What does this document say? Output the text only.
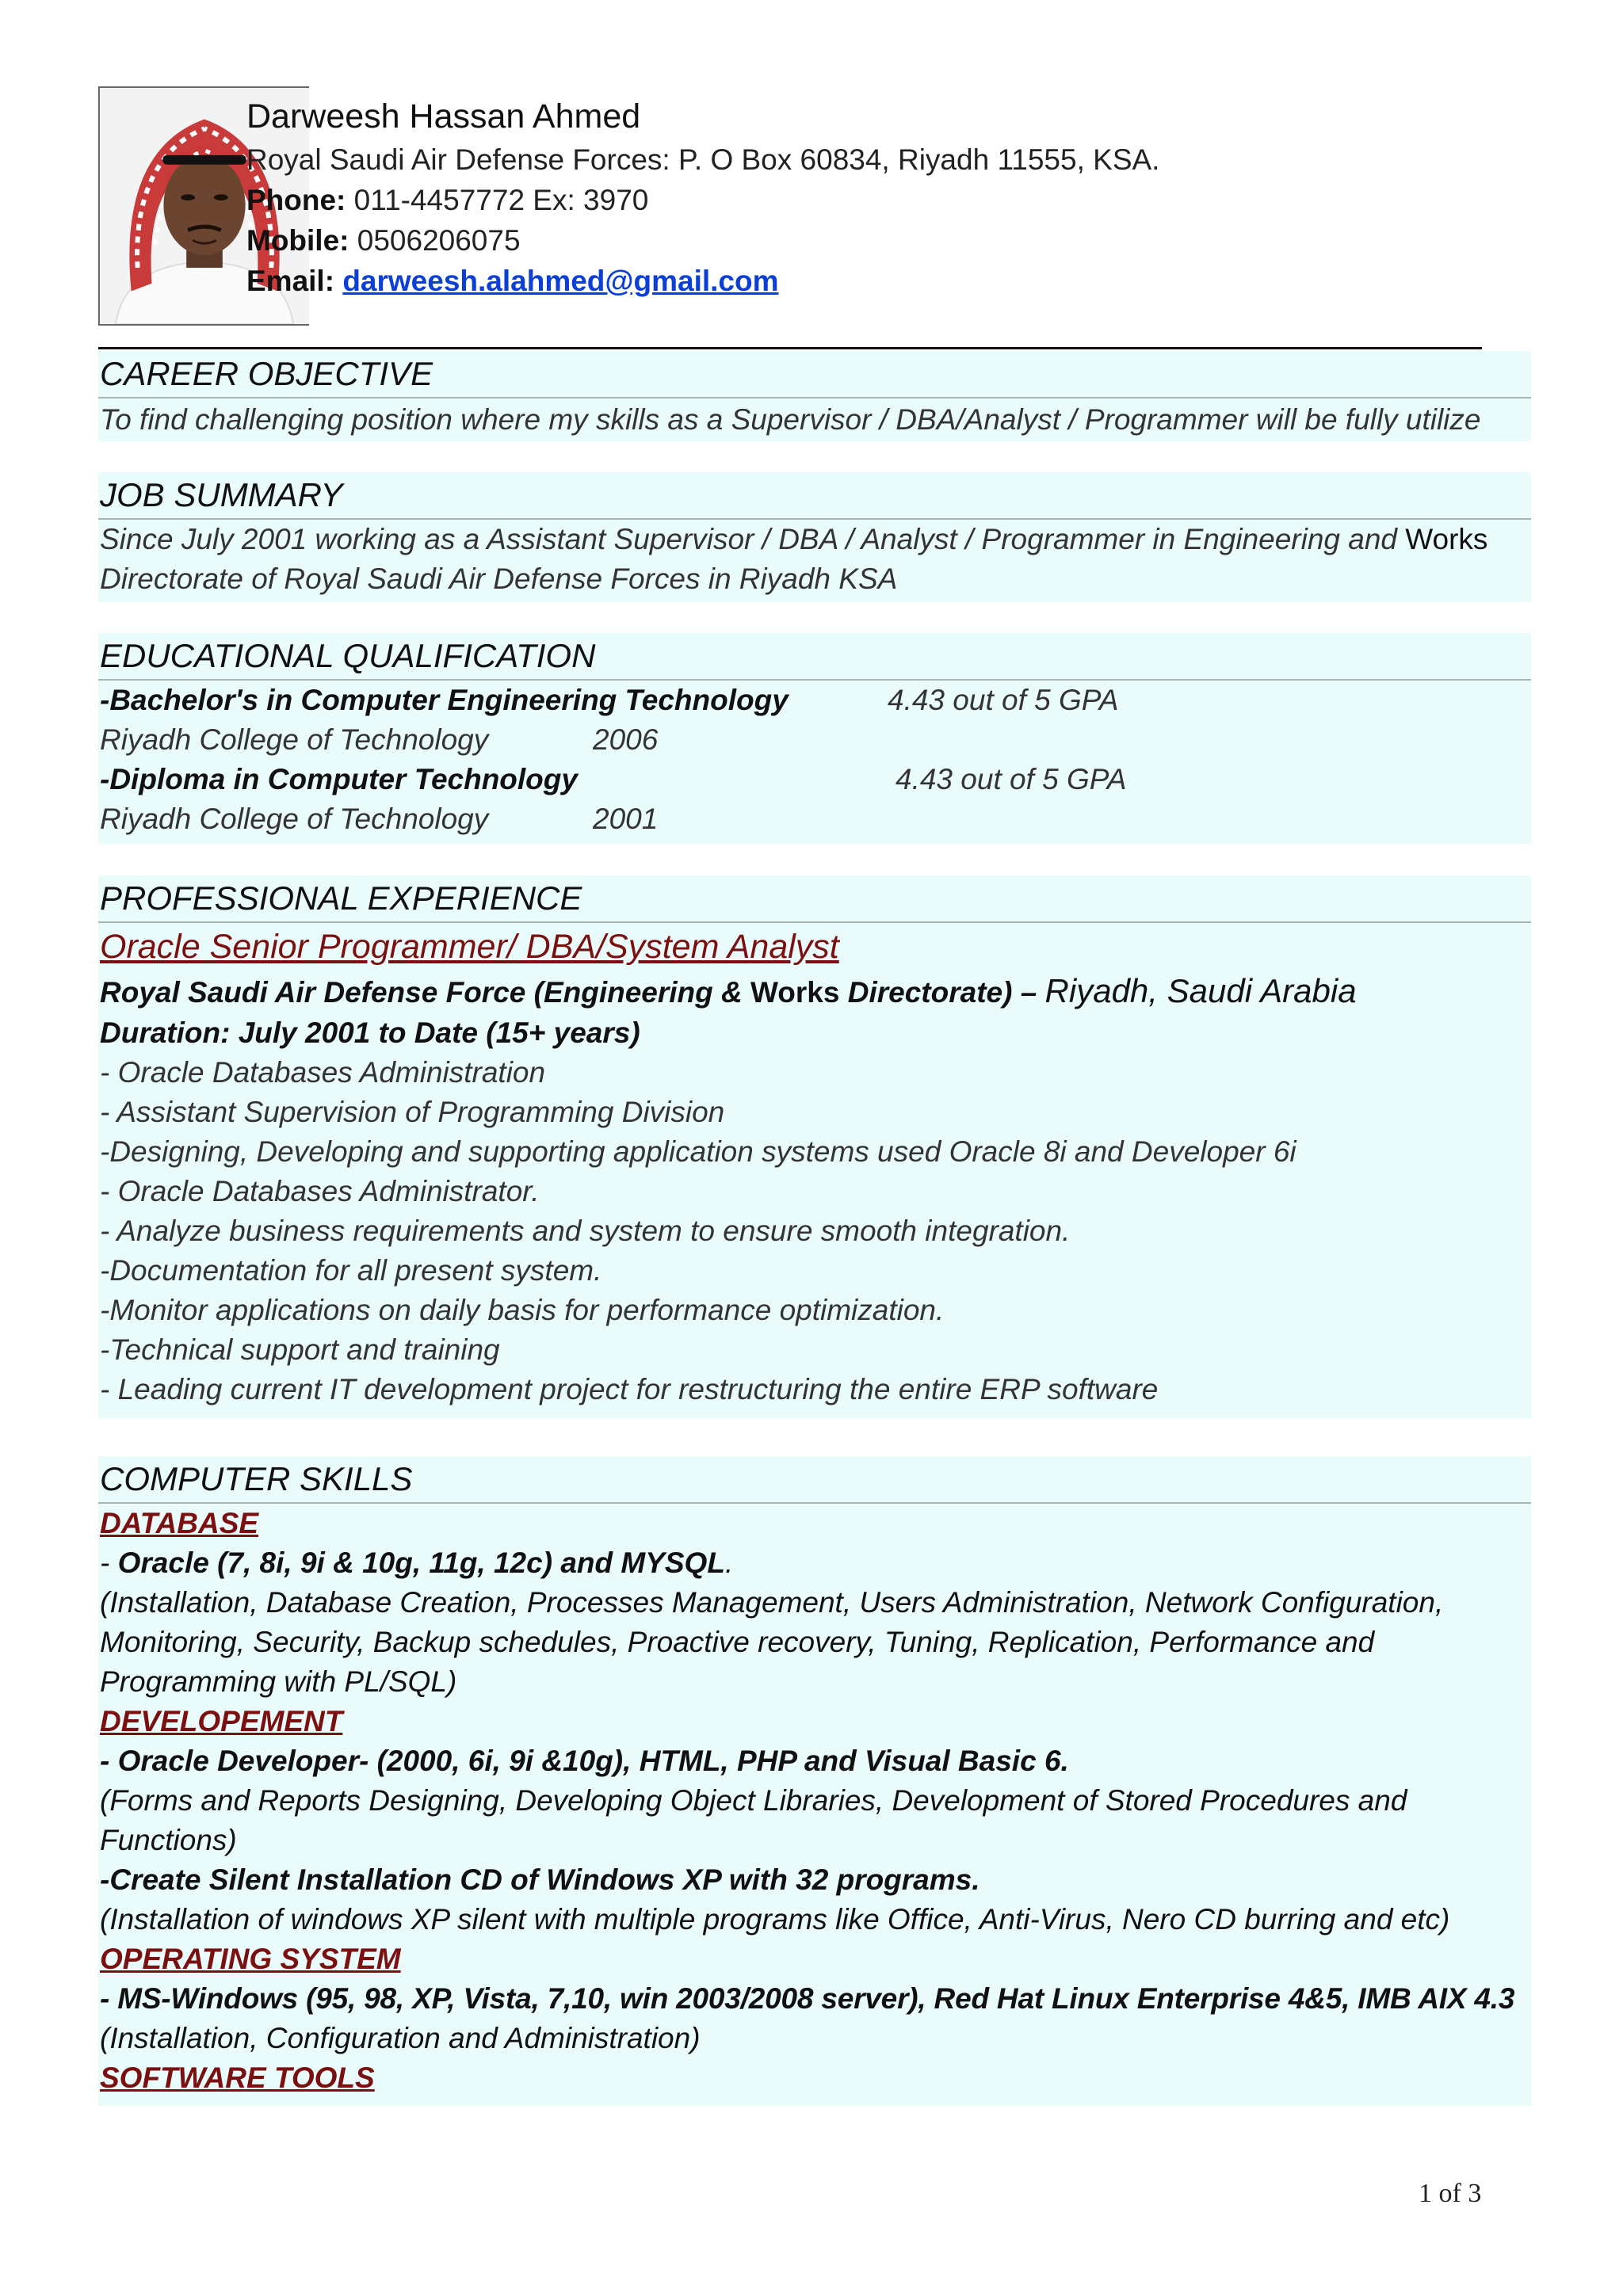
Darweesh Hassan Ahmed
Royal Saudi Air Defense Forces: P. O Box 60834, Riyadh 11555, KSA.
Phone: 011-4457772 Ex: 3970
Mobile: 0506206075
Email: darweesh.alahmed@gmail.com
CAREER OBJECTIVE
To find challenging position where my skills as a Supervisor / DBA/Analyst / Programmer will be fully utilize
JOB SUMMARY
Since July 2001 working as a Assistant Supervisor / DBA / Analyst / Programmer in Engineering and Works
Directorate of Royal Saudi Air Defense Forces in Riyadh KSA
EDUCATIONAL QUALIFICATION
-Bachelor's in Computer Engineering Technology	4.43 out of 5 GPA
Riyadh College of Technology	2006
-Diploma in Computer Technology	4.43 out of 5 GPA
Riyadh College of Technology	2001
PROFESSIONAL EXPERIENCE
Oracle Senior Programmer/ DBA/System Analyst
Royal Saudi Air Defense Force (Engineering & Works Directorate) – Riyadh, Saudi Arabia
Duration: July 2001 to Date (15+ years)
- Oracle Databases Administration
- Assistant Supervision of Programming Division
-Designing, Developing and supporting application systems used Oracle 8i and Developer 6i
- Oracle Databases Administrator.
- Analyze business requirements and system to ensure smooth integration.
-Documentation for all present system.
-Monitor applications on daily basis for performance optimization.
-Technical support and training
- Leading current IT development project for restructuring the entire ERP software
COMPUTER SKILLS
DATABASE
- Oracle (7, 8i, 9i & 10g, 11g, 12c) and MYSQL.
(Installation, Database Creation, Processes Management, Users Administration, Network Configuration,
Monitoring, Security, Backup schedules, Proactive recovery, Tuning, Replication, Performance and
Programming with PL/SQL)
DEVELOPEMENT
- Oracle Developer- (2000, 6i, 9i &10g), HTML, PHP and Visual Basic 6.
(Forms and Reports Designing, Developing Object Libraries, Development of Stored Procedures and
Functions)
-Create Silent Installation CD of Windows XP with 32 programs.
(Installation of windows XP silent with multiple programs like Office, Anti-Virus, Nero CD burring and etc)
OPERATING SYSTEM
- MS-Windows (95, 98, XP, Vista, 7,10, win 2003/2008 server), Red Hat Linux Enterprise 4&5, IMB AIX 4.3
(Installation, Configuration and Administration)
SOFTWARE TOOLS
1 of 3
